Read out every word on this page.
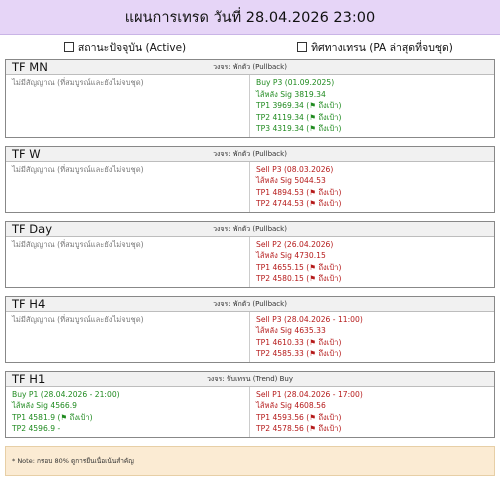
แผนการเทรด วันที่ 28.04.2026 23:00
สถานะปัจจุบัน (Active)	ทิศทางเทรน (PA ล่าสุดที่จบชุด)
วงจร: พักตัว (Pullback)
TF MN
ไม่มีสัญญาณ (ที่สมบูรณ์และยังไม่จบชุด)	Buy P3 (01.09.2025)
ไส้หลัง Sig 3819.34
TP1 3969.34 (⚑ ถึงเป้า)
TP2 4119.34 (⚑ ถึงเป้า)
TP3 4319.34 (⚑ ถึงเป้า)
วงจร: พักตัว (Pullback)
TF W
ไม่มีสัญญาณ (ที่สมบูรณ์และยังไม่จบชุด)	Sell P3 (08.03.2026)
ไส้หลัง Sig 5044.53
TP1 4894.53 (⚑ ถึงเป้า)
TP2 4744.53 (⚑ ถึงเป้า)
วงจร: พักตัว (Pullback)
TF Day
ไม่มีสัญญาณ (ที่สมบูรณ์และยังไม่จบชุด)	Sell P2 (26.04.2026)
ไส้หลัง Sig 4730.15
TP1 4655.15 (⚑ ถึงเป้า)
TP2 4580.15 (⚑ ถึงเป้า)
วงจร: พักตัว (Pullback)
TF H4
ไม่มีสัญญาณ (ที่สมบูรณ์และยังไม่จบชุด)	Sell P3 (28.04.2026 - 11:00)
ไส้หลัง Sig 4635.33
TP1 4610.33 (⚑ ถึงเป้า)
TP2 4585.33 (⚑ ถึงเป้า)
วงจร: รับเทรน (Trend) Buy
TF H1
Buy P1 (28.04.2026 - 21:00)
ไส้หลัง Sig 4566.9
TP1 4581.9 (⚑ ถึงเป้า)
TP2 4596.9 -
Sell P1 (28.04.2026 - 17:00)
ไส้หลัง Sig 4608.56
TP1 4593.56 (⚑ ถึงเป้า)
TP2 4578.56 (⚑ ถึงเป้า)
* Note: กรอบ 80% ดูการยืนเนื่อเน้นสำคัญ
